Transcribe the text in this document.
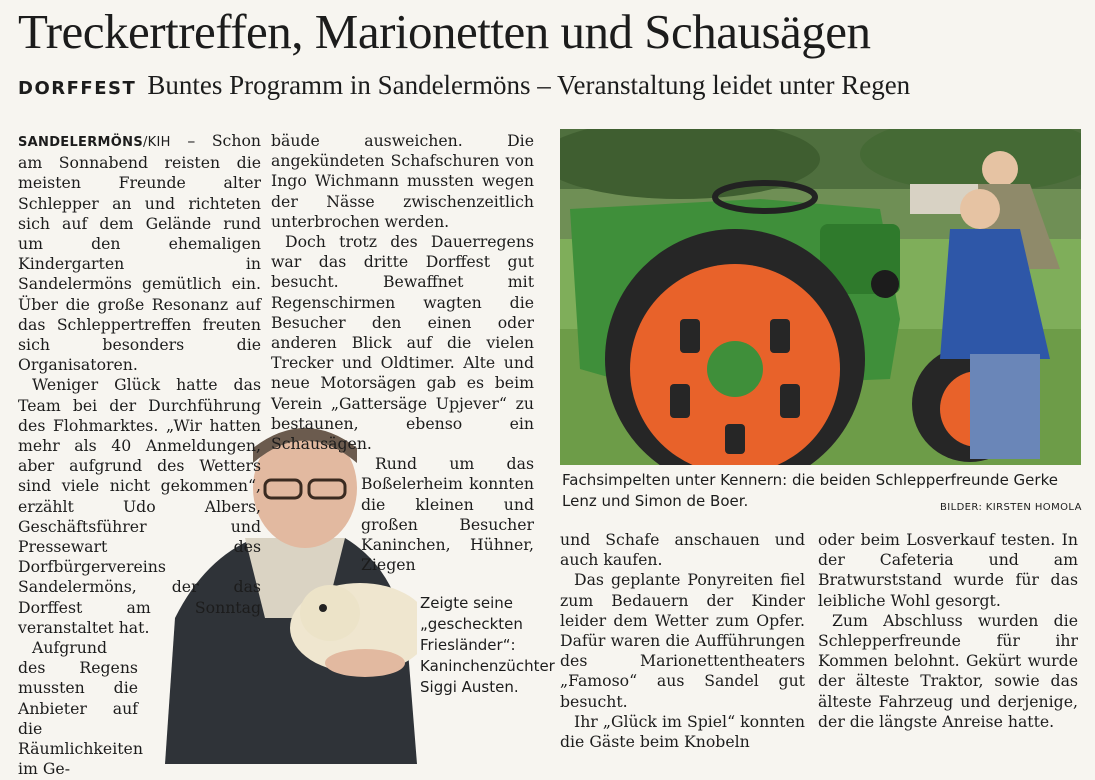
Treckertreffen, Marionetten und Schausägen
DORFFEST Buntes Programm in Sandelermöns – Veranstaltung leidet unter Regen
Fachsimpelten unter Kennern: die beiden Schlepperfreunde Gerke Lenz und Simon de Boer.	BILDER: KIRSTEN HOMOLA
Zeigte seine „gescheckten Friesländer“: Kaninchenzüchter Siggi Austen.

SANDELERMÖNS/KIH – Schon am Sonnabend reisten die meisten Freunde alter Schlepper an und richteten sich auf dem Gelände rund um den ehemaligen Kindergarten in Sandelermöns gemütlich ein. Über die große Resonanz auf das Schleppertreffen freuten sich besonders die Organisatoren.

Weniger Glück hatte das Team bei der Durchführung des Flohmarktes. „Wir hatten mehr als 40 Anmeldungen, aber aufgrund des Wetters sind viele nicht gekommen“, erzählt Udo Albers, Geschäftsführer und Pressewart des Dorfbürgervereins Sandelermöns, der das Dorffest am Sonntag veranstaltet hat.

Aufgrund des Regens mussten die Anbieter auf die Räumlichkeiten im Ge-

bäude ausweichen. Die angekündeten Schafschuren von Ingo Wichmann mussten wegen der Nässe zwischenzeitlich unterbrochen werden.

Doch trotz des Dauerregens war das dritte Dorffest gut besucht. Bewaffnet mit Regenschirmen wagten die Besucher den einen oder anderen Blick auf die vielen Trecker und Oldtimer. Alte und neue Motorsägen gab es beim Verein „Gattersäge Upjever“ zu bestaunen, ebenso ein Schausägen.

Rund um das Boßelerheim konnten die kleinen und großen Besucher Kaninchen, Hühner, Ziegen

und Schafe anschauen und auch kaufen.

Das geplante Ponyreiten fiel zum Bedauern der Kinder leider dem Wetter zum Opfer. Dafür waren die Aufführungen des Marionettentheaters „Famoso“ aus Sandel gut besucht.

Ihr „Glück im Spiel“ konnten die Gäste beim Knobeln

oder beim Losverkauf testen. In der Cafeteria und am Bratwurststand wurde für das leibliche Wohl gesorgt.

Zum Abschluss wurden die Schlepperfreunde für ihr Kommen belohnt. Gekürt wurde der älteste Traktor, sowie das älteste Fahrzeug und derjenige, der die längste Anreise hatte.
